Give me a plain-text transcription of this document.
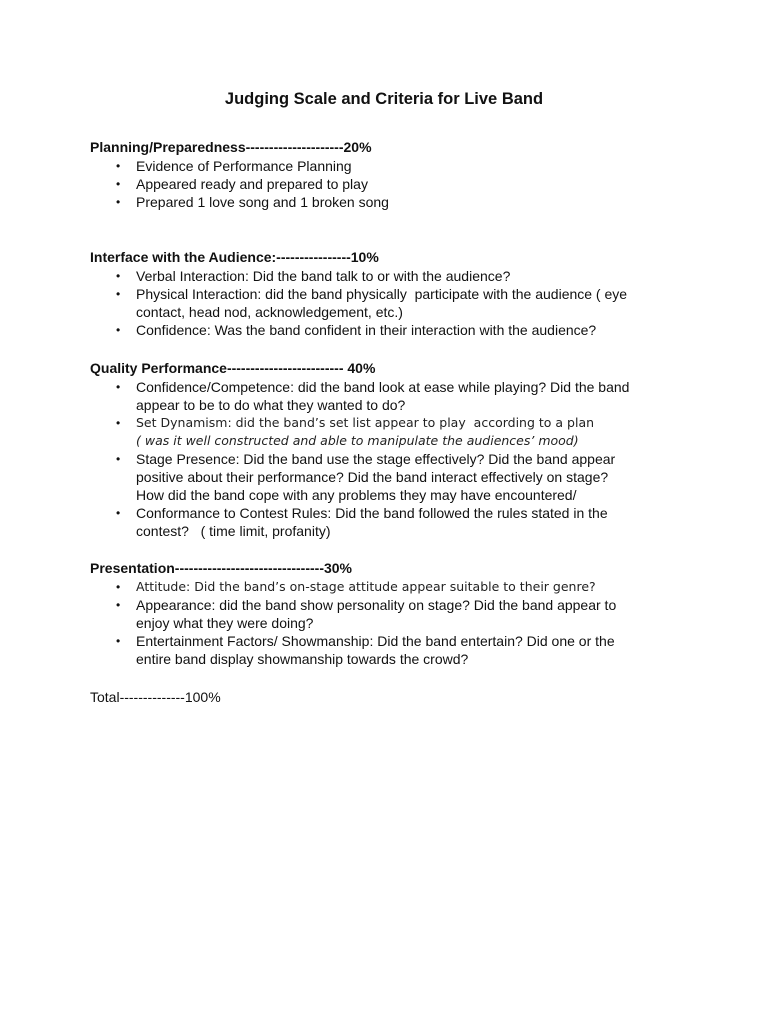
Judging Scale and Criteria for Live Band

Planning/Preparedness---------------------20%

• Evidence of Performance Planning
• Appeared ready and prepared to play
• Prepared 1 love song and 1 broken song

Interface with the Audience:----------------10%

• Verbal Interaction: Did the band talk to or with the audience?
• Physical Interaction: did the band physically  participate with the audience ( eye
contact, head nod, acknowledgement, etc.)
• Confidence: Was the band confident in their interaction with the audience?

Quality Performance------------------------- 40%

• Confidence/Competence: did the band look at ease while playing? Did the band
appear to be to do what they wanted to do?
• Set Dynamism: did the band’s set list appear to play  according to a plan
( was it well constructed and able to manipulate the audiences’ mood)
• Stage Presence: Did the band use the stage effectively? Did the band appear
positive about their performance? Did the band interact effectively on stage?
How did the band cope with any problems they may have encountered/
• Conformance to Contest Rules: Did the band followed the rules stated in the
contest?   ( time limit, profanity)

Presentation--------------------------------30%

• Attitude: Did the band’s on-stage attitude appear suitable to their genre?
• Appearance: did the band show personality on stage? Did the band appear to
enjoy what they were doing?
• Entertainment Factors/ Showmanship: Did the band entertain? Did one or the
entire band display showmanship towards the crowd?

Total--------------100%
